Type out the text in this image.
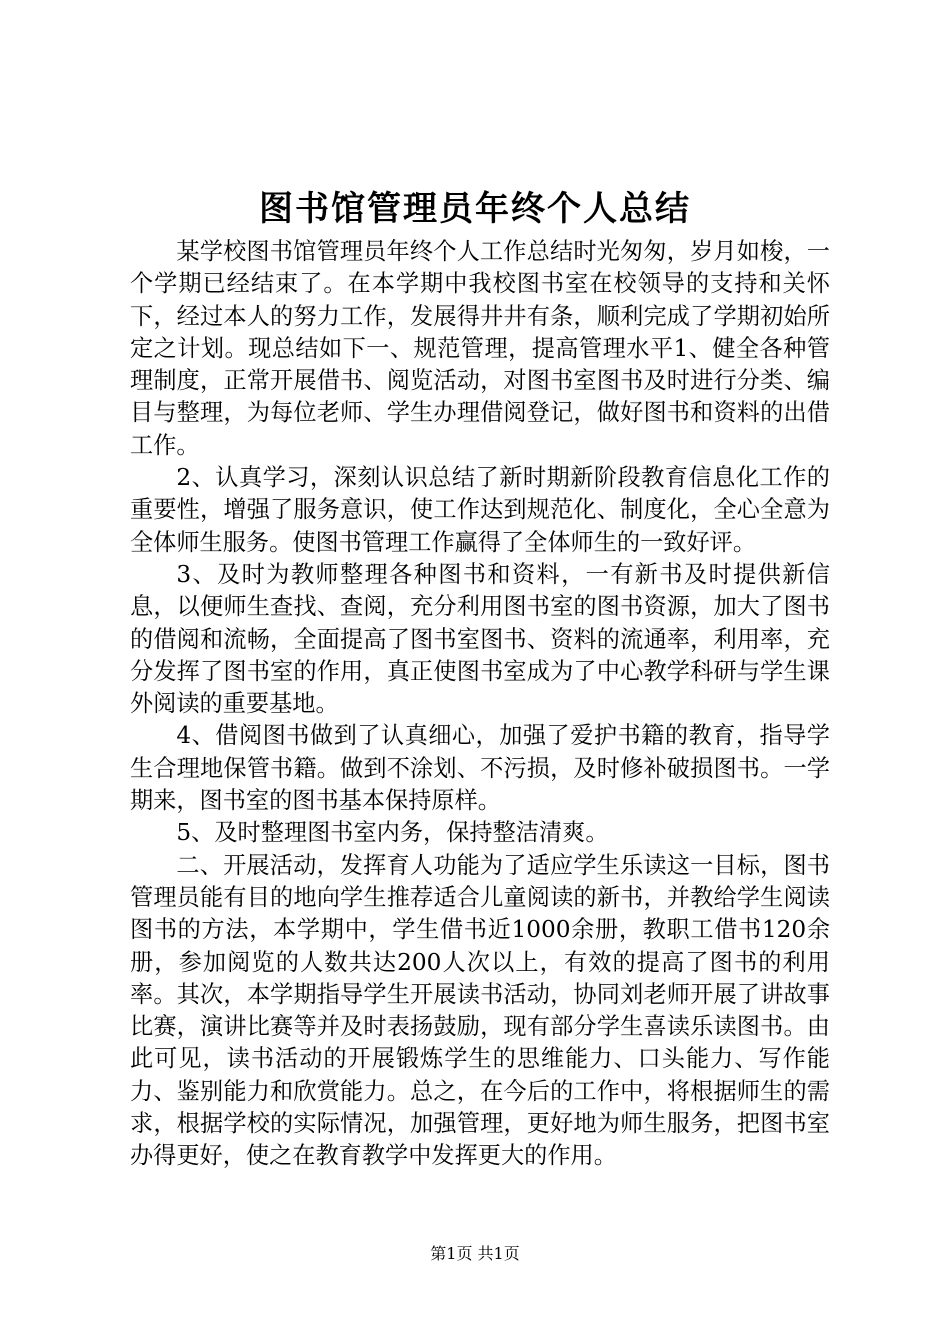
图书馆管理员年终个人总结

某学校图书馆管理员年终个人工作总结时光匆匆，岁月如梭，一个学期已经结束了。在本学期中我校图书室在校领导的支持和关怀下，经过本人的努力工作，发展得井井有条，顺利完成了学期初始所定之计划。现总结如下一、规范管理，提高管理水平1、健全各种管理制度，正常开展借书、阅览活动，对图书室图书及时进行分类、编目与整理，为每位老师、学生办理借阅登记，做好图书和资料的出借工作。

2、认真学习，深刻认识总结了新时期新阶段教育信息化工作的重要性，增强了服务意识，使工作达到规范化、制度化，全心全意为全体师生服务。使图书管理工作赢得了全体师生的一致好评。

3、及时为教师整理各种图书和资料，一有新书及时提供新信息，以便师生查找、查阅，充分利用图书室的图书资源，加大了图书的借阅和流畅，全面提高了图书室图书、资料的流通率，利用率，充分发挥了图书室的作用，真正使图书室成为了中心教学科研与学生课外阅读的重要基地。

4、借阅图书做到了认真细心，加强了爱护书籍的教育，指导学生合理地保管书籍。做到不涂划、不污损，及时修补破损图书。一学期来，图书室的图书基本保持原样。

5、及时整理图书室内务，保持整洁清爽。

二、开展活动，发挥育人功能为了适应学生乐读这一目标，图书管理员能有目的地向学生推荐适合儿童阅读的新书，并教给学生阅读图书的方法，本学期中，学生借书近1000余册，教职工借书120余册，参加阅览的人数共达200人次以上，有效的提高了图书的利用率。其次，本学期指导学生开展读书活动，协同刘老师开展了讲故事比赛，演讲比赛等并及时表扬鼓励，现有部分学生喜读乐读图书。由此可见，读书活动的开展锻炼学生的思维能力、口头能力、写作能力、鉴别能力和欣赏能力。总之，在今后的工作中，将根据师生的需求，根据学校的实际情况，加强管理，更好地为师生服务，把图书室办得更好，使之在教育教学中发挥更大的作用。

第1页 共1页
